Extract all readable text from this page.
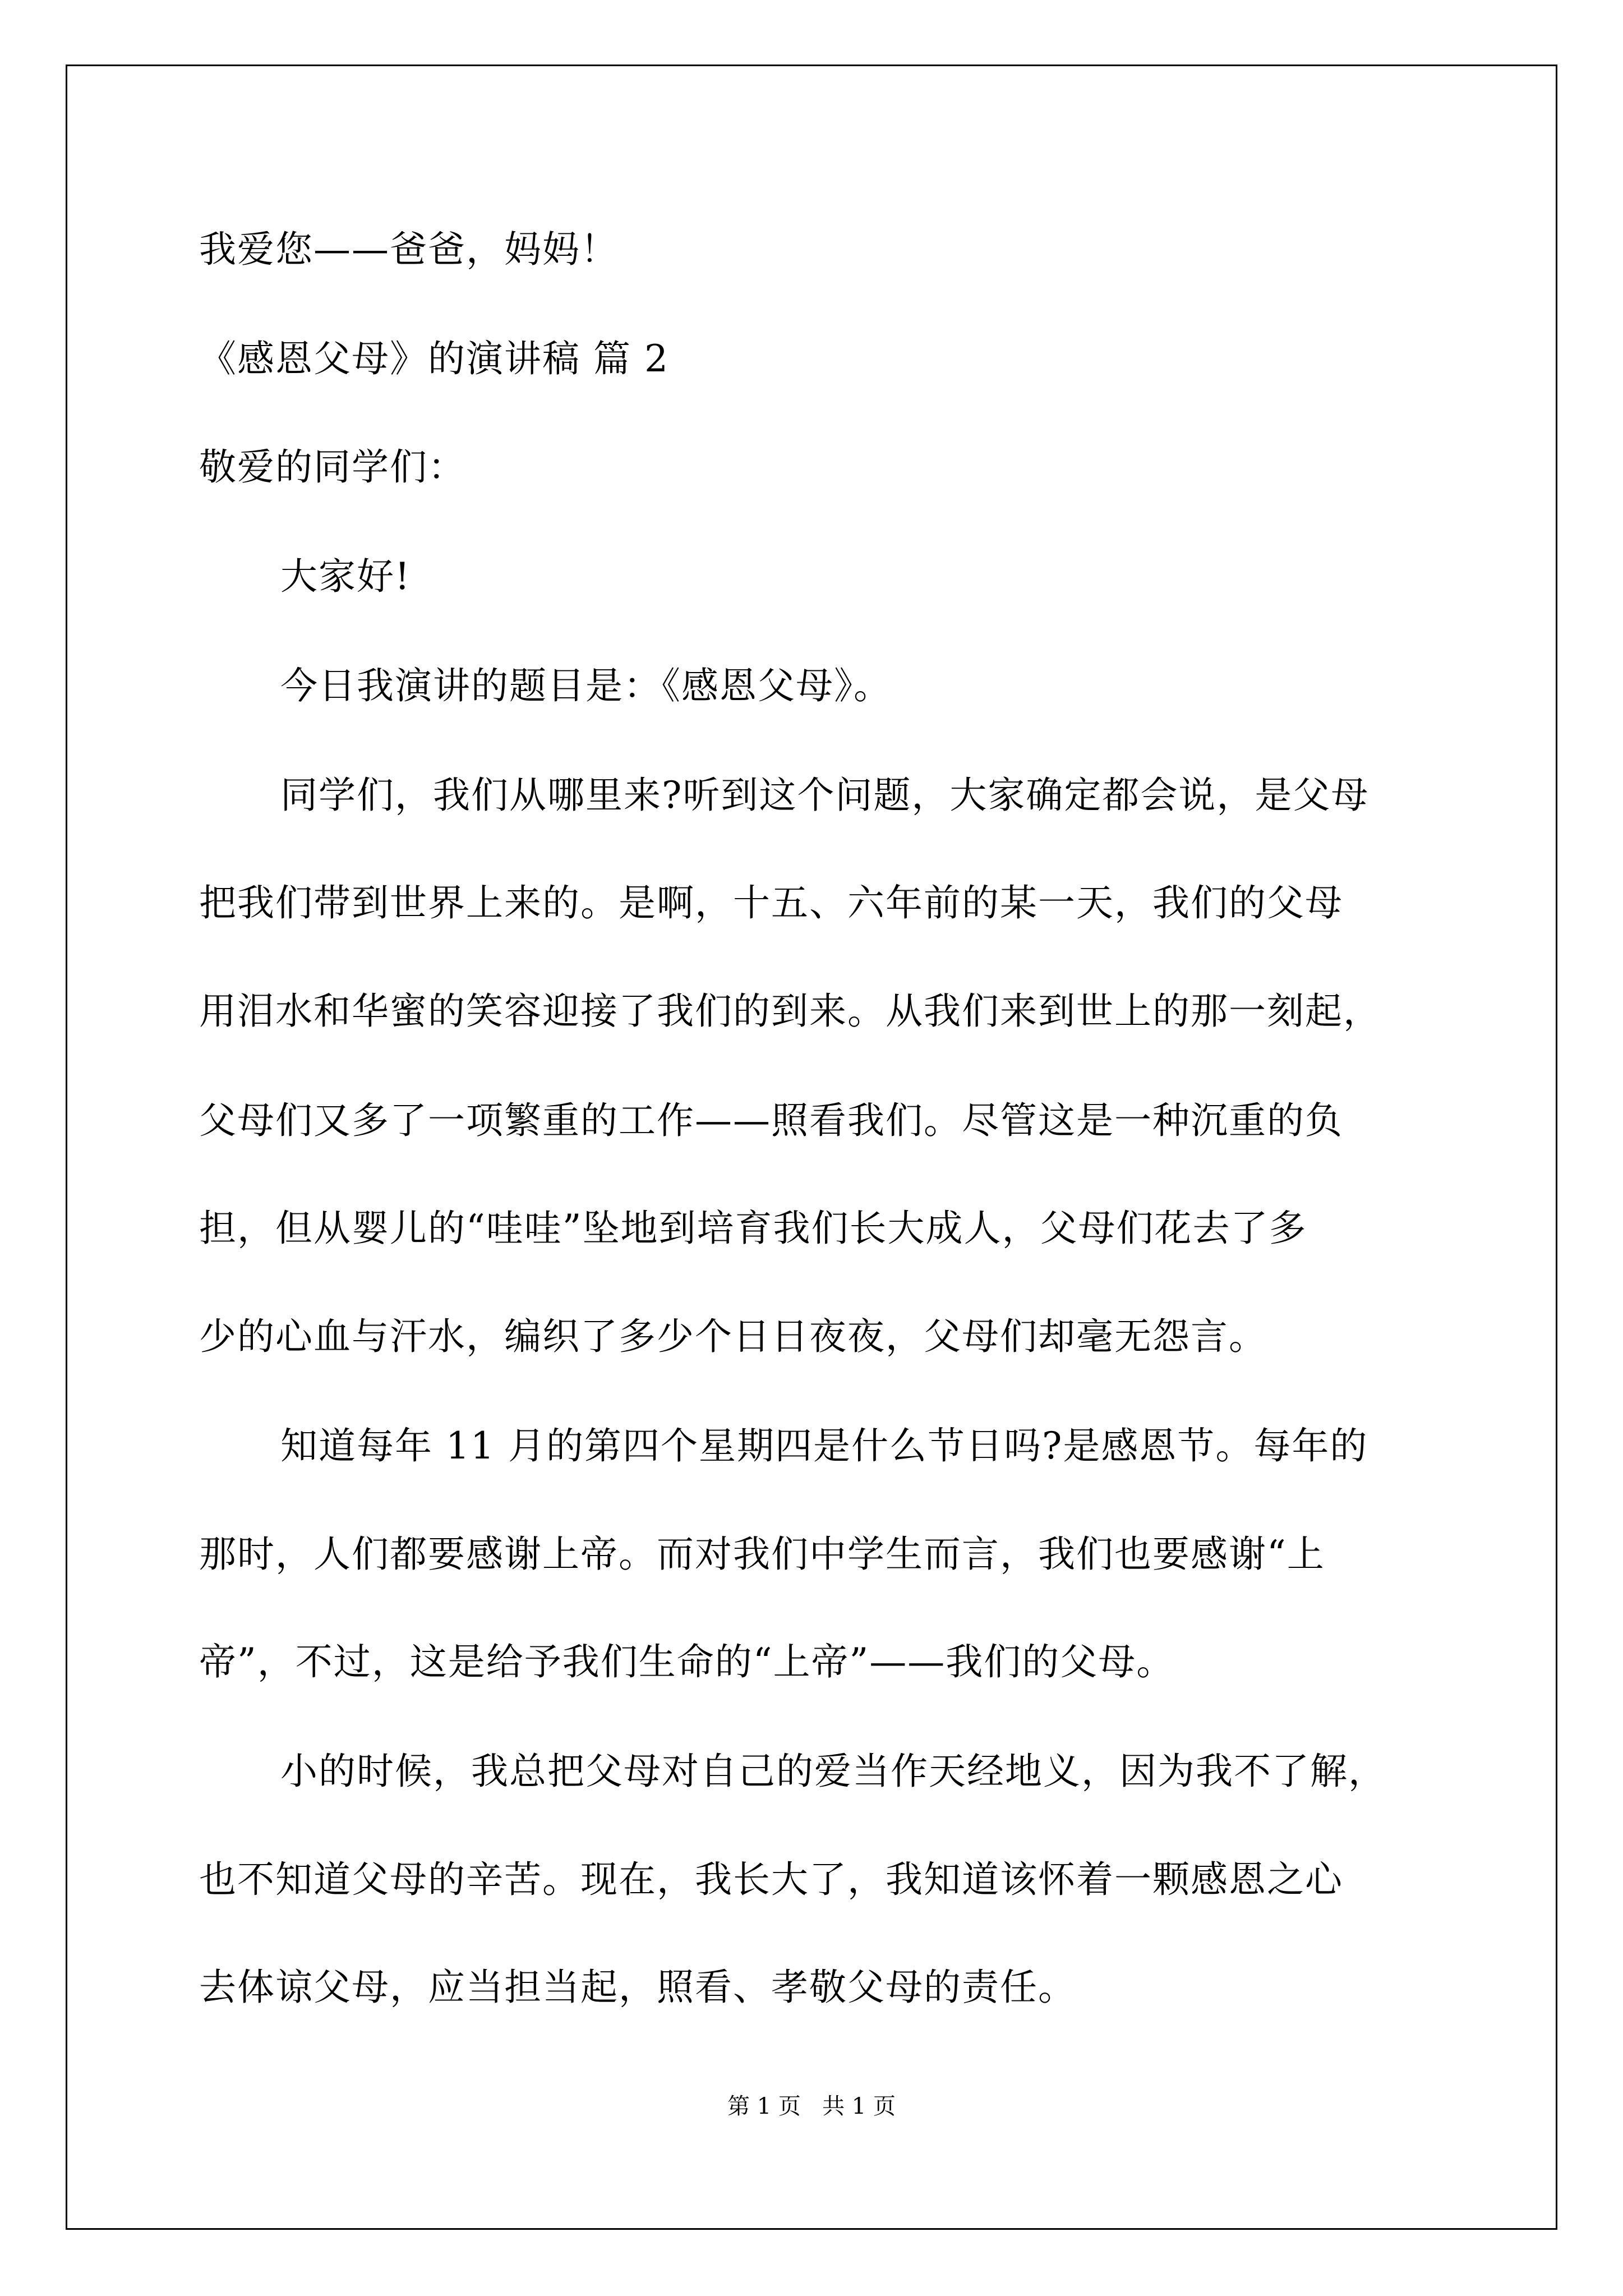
我爱您——爸爸，妈妈！
《感恩父母》的演讲稿 篇 2
敬爱的同学们：
大家好!
今日我演讲的题目是：《感恩父母》。
同学们，我们从哪里来?听到这个问题，大家确定都会说，是父母
把我们带到世界上来的。是啊，十五、六年前的某一天，我们的父母
用泪水和华蜜的笑容迎接了我们的到来。从我们来到世上的那一刻起，
父母们又多了一项繁重的工作——照看我们。尽管这是一种沉重的负
担，但从婴儿的“哇哇”坠地到培育我们长大成人，父母们花去了多
少的心血与汗水，编织了多少个日日夜夜，父母们却毫无怨言。
知道每年 11 月的第四个星期四是什么节日吗?是感恩节。每年的
那时，人们都要感谢上帝。而对我们中学生而言，我们也要感谢“上
帝”，不过，这是给予我们生命的“上帝”——我们的父母。
小的时候，我总把父母对自己的爱当作天经地义，因为我不了解，
也不知道父母的辛苦。现在，我长大了，我知道该怀着一颗感恩之心
去体谅父母，应当担当起，照看、孝敬父母的责任。
第 1 页   共 1 页
